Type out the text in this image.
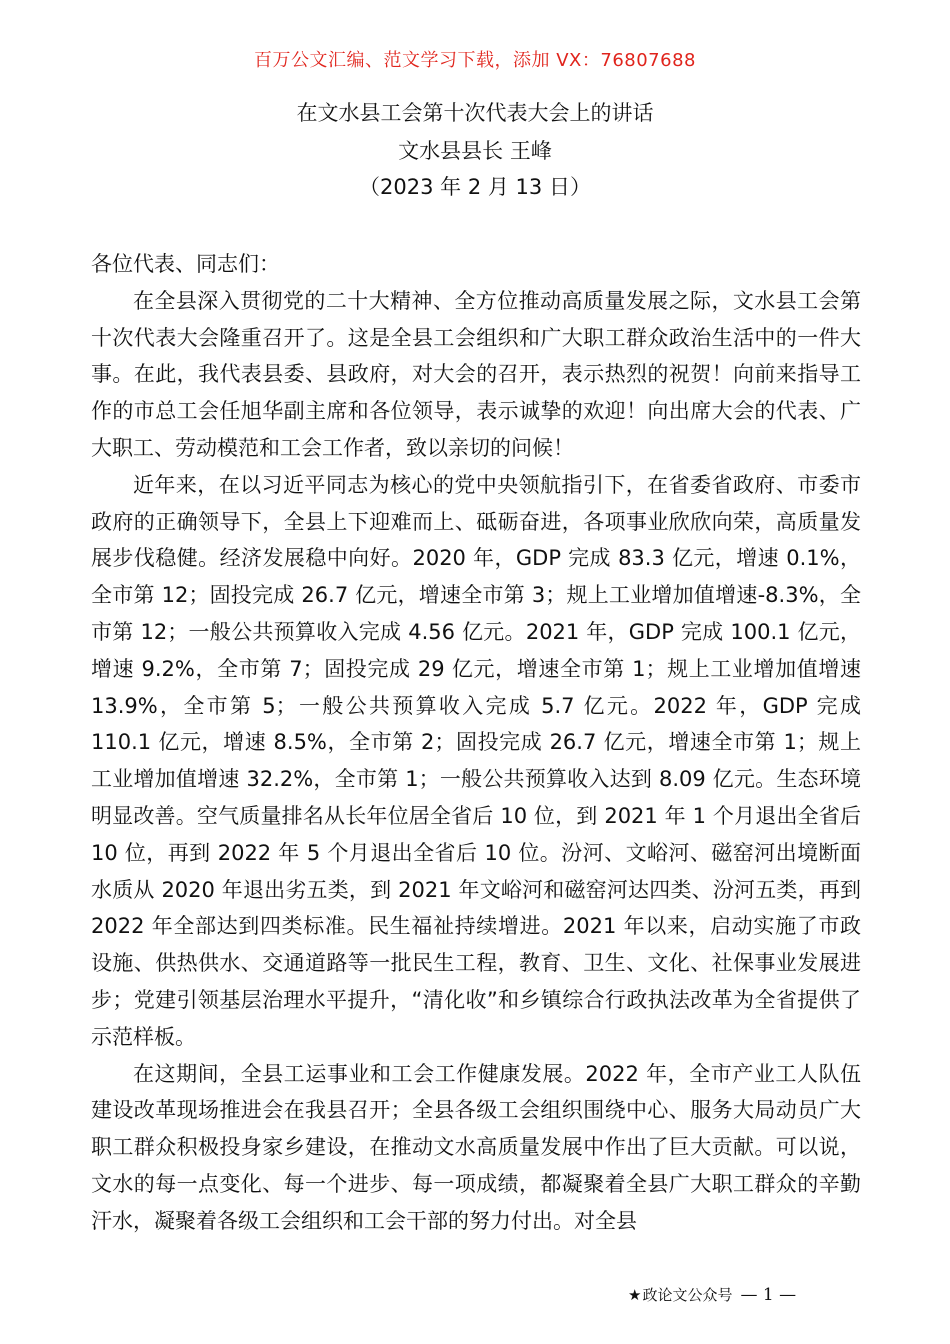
百万公文汇编、范文学习下载，添加 VX：76807688
在文水县工会第十次代表大会上的讲话
文水县县长 王峰
（2023 年 2 月 13 日）

各位代表、同志们：

在全县深入贯彻党的二十大精神、全方位推动高质量发展之际，文水县工会第十次代表大会隆重召开了。这是全县工会组织和广大职工群众政治生活中的一件大事。在此，我代表县委、县政府，对大会的召开，表示热烈的祝贺！向前来指导工作的市总工会任旭华副主席和各位领导，表示诚挚的欢迎！向出席大会的代表、广大职工、劳动模范和工会工作者，致以亲切的问候！

近年来，在以习近平同志为核心的党中央领航指引下，在省委省政府、市委市政府的正确领导下，全县上下迎难而上、砥砺奋进，各项事业欣欣向荣，高质量发展步伐稳健。经济发展稳中向好。2020 年，GDP 完成 83.3 亿元，增速 0.1%，全市第 12；固投完成 26.7 亿元，增速全市第 3；规上工业增加值增速-8.3%，全市第 12；一般公共预算收入完成 4.56 亿元。2021 年，GDP 完成 100.1 亿元，增速 9.2%，全市第 7；固投完成 29 亿元，增速全市第 1；规上工业增加值增速 13.9%，全市第 5；一般公共预算收入完成 5.7 亿元。2022 年，GDP 完成 110.1 亿元，增速 8.5%，全市第 2；固投完成 26.7 亿元，增速全市第 1；规上工业增加值增速 32.2%，全市第 1；一般公共预算收入达到 8.09 亿元。生态环境明显改善。空气质量排名从长年位居全省后 10 位，到 2021 年 1 个月退出全省后 10 位，再到 2022 年 5 个月退出全省后 10 位。汾河、文峪河、磁窑河出境断面水质从 2020 年退出劣五类，到 2021 年文峪河和磁窑河达四类、汾河五类，再到 2022 年全部达到四类标准。民生福祉持续增进。2021 年以来，启动实施了市政设施、供热供水、交通道路等一批民生工程，教育、卫生、文化、社保事业发展进步；党建引领基层治理水平提升，“清化收”和乡镇综合行政执法改革为全省提供了示范样板。

在这期间，全县工运事业和工会工作健康发展。2022 年，全市产业工人队伍建设改革现场推进会在我县召开；全县各级工会组织围绕中心、服务大局动员广大职工群众积极投身家乡建设，在推动文水高质量发展中作出了巨大贡献。可以说，文水的每一点变化、每一个进步、每一项成绩，都凝聚着全县广大职工群众的辛勤汗水，凝聚着各级工会组织和工会干部的努力付出。对全县

★政论文公众号 — 1 —
